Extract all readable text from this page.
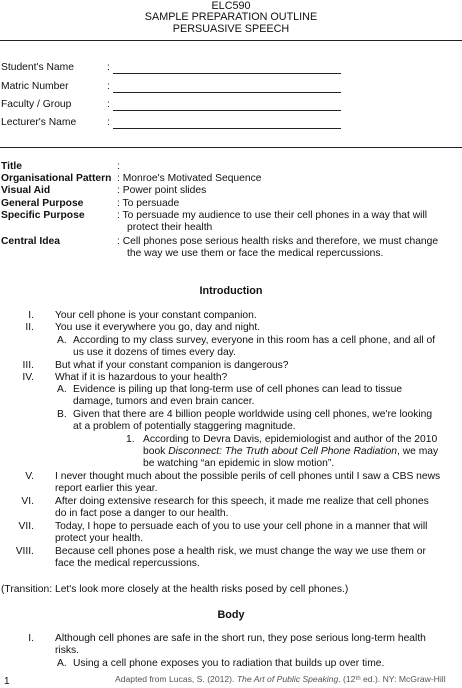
ELC590
SAMPLE PREPARATION OUTLINE
PERSUASIVE SPEECH
Student's Name	:
Matric Number	:
Faculty / Group	:
Lecturer's Name	:
Title	:
Organisational Pattern : Monroe's Motivated Sequence
Visual Aid	: Power point slides
General Purpose	: To persuade
Specific Purpose	: To persuade my audience to use their cell phones in a way that will
protect their health
Central Idea	: Cell phones pose serious health risks and therefore, we must change
the way we use them or face the medical repercussions.
Introduction
I. Your cell phone is your constant companion.
II. You use it everywhere you go, day and night.
A. According to my class survey, everyone in this room has a cell phone, and all of
us use it dozens of times every day.
III. But what if your constant companion is dangerous?
IV. What if it is hazardous to your health?
A. Evidence is piling up that long-term use of cell phones can lead to tissue
damage, tumors and even brain cancer.
B. Given that there are 4 billion people worldwide using cell phones, we're looking
at a problem of potentially staggering magnitude.
1. According to Devra Davis, epidemiologist and author of the 2010
book Disconnect: The Truth about Cell Phone Radiation, we may
be watching “an epidemic in slow motion”.
V. I never thought much about the possible perils of cell phones until I saw a CBS news
report earlier this year.
VI. After doing extensive research for this speech, it made me realize that cell phones
do in fact pose a danger to our health.
VII. Today, I hope to persuade each of you to use your cell phone in a manner that will
protect your health.
VIII. Because cell phones pose a health risk, we must change the way we use them or
face the medical repercussions.
(Transition: Let's look more closely at the health risks posed by cell phones.)
Body
I. Although cell phones are safe in the short run, they pose serious long-term health
risks.
A. Using a cell phone exposes you to radiation that builds up over time.
1	Adapted from Lucas, S. (2012). The Art of Public Speaking. (12ᵗʰ ed.). NY: McGraw-Hill
